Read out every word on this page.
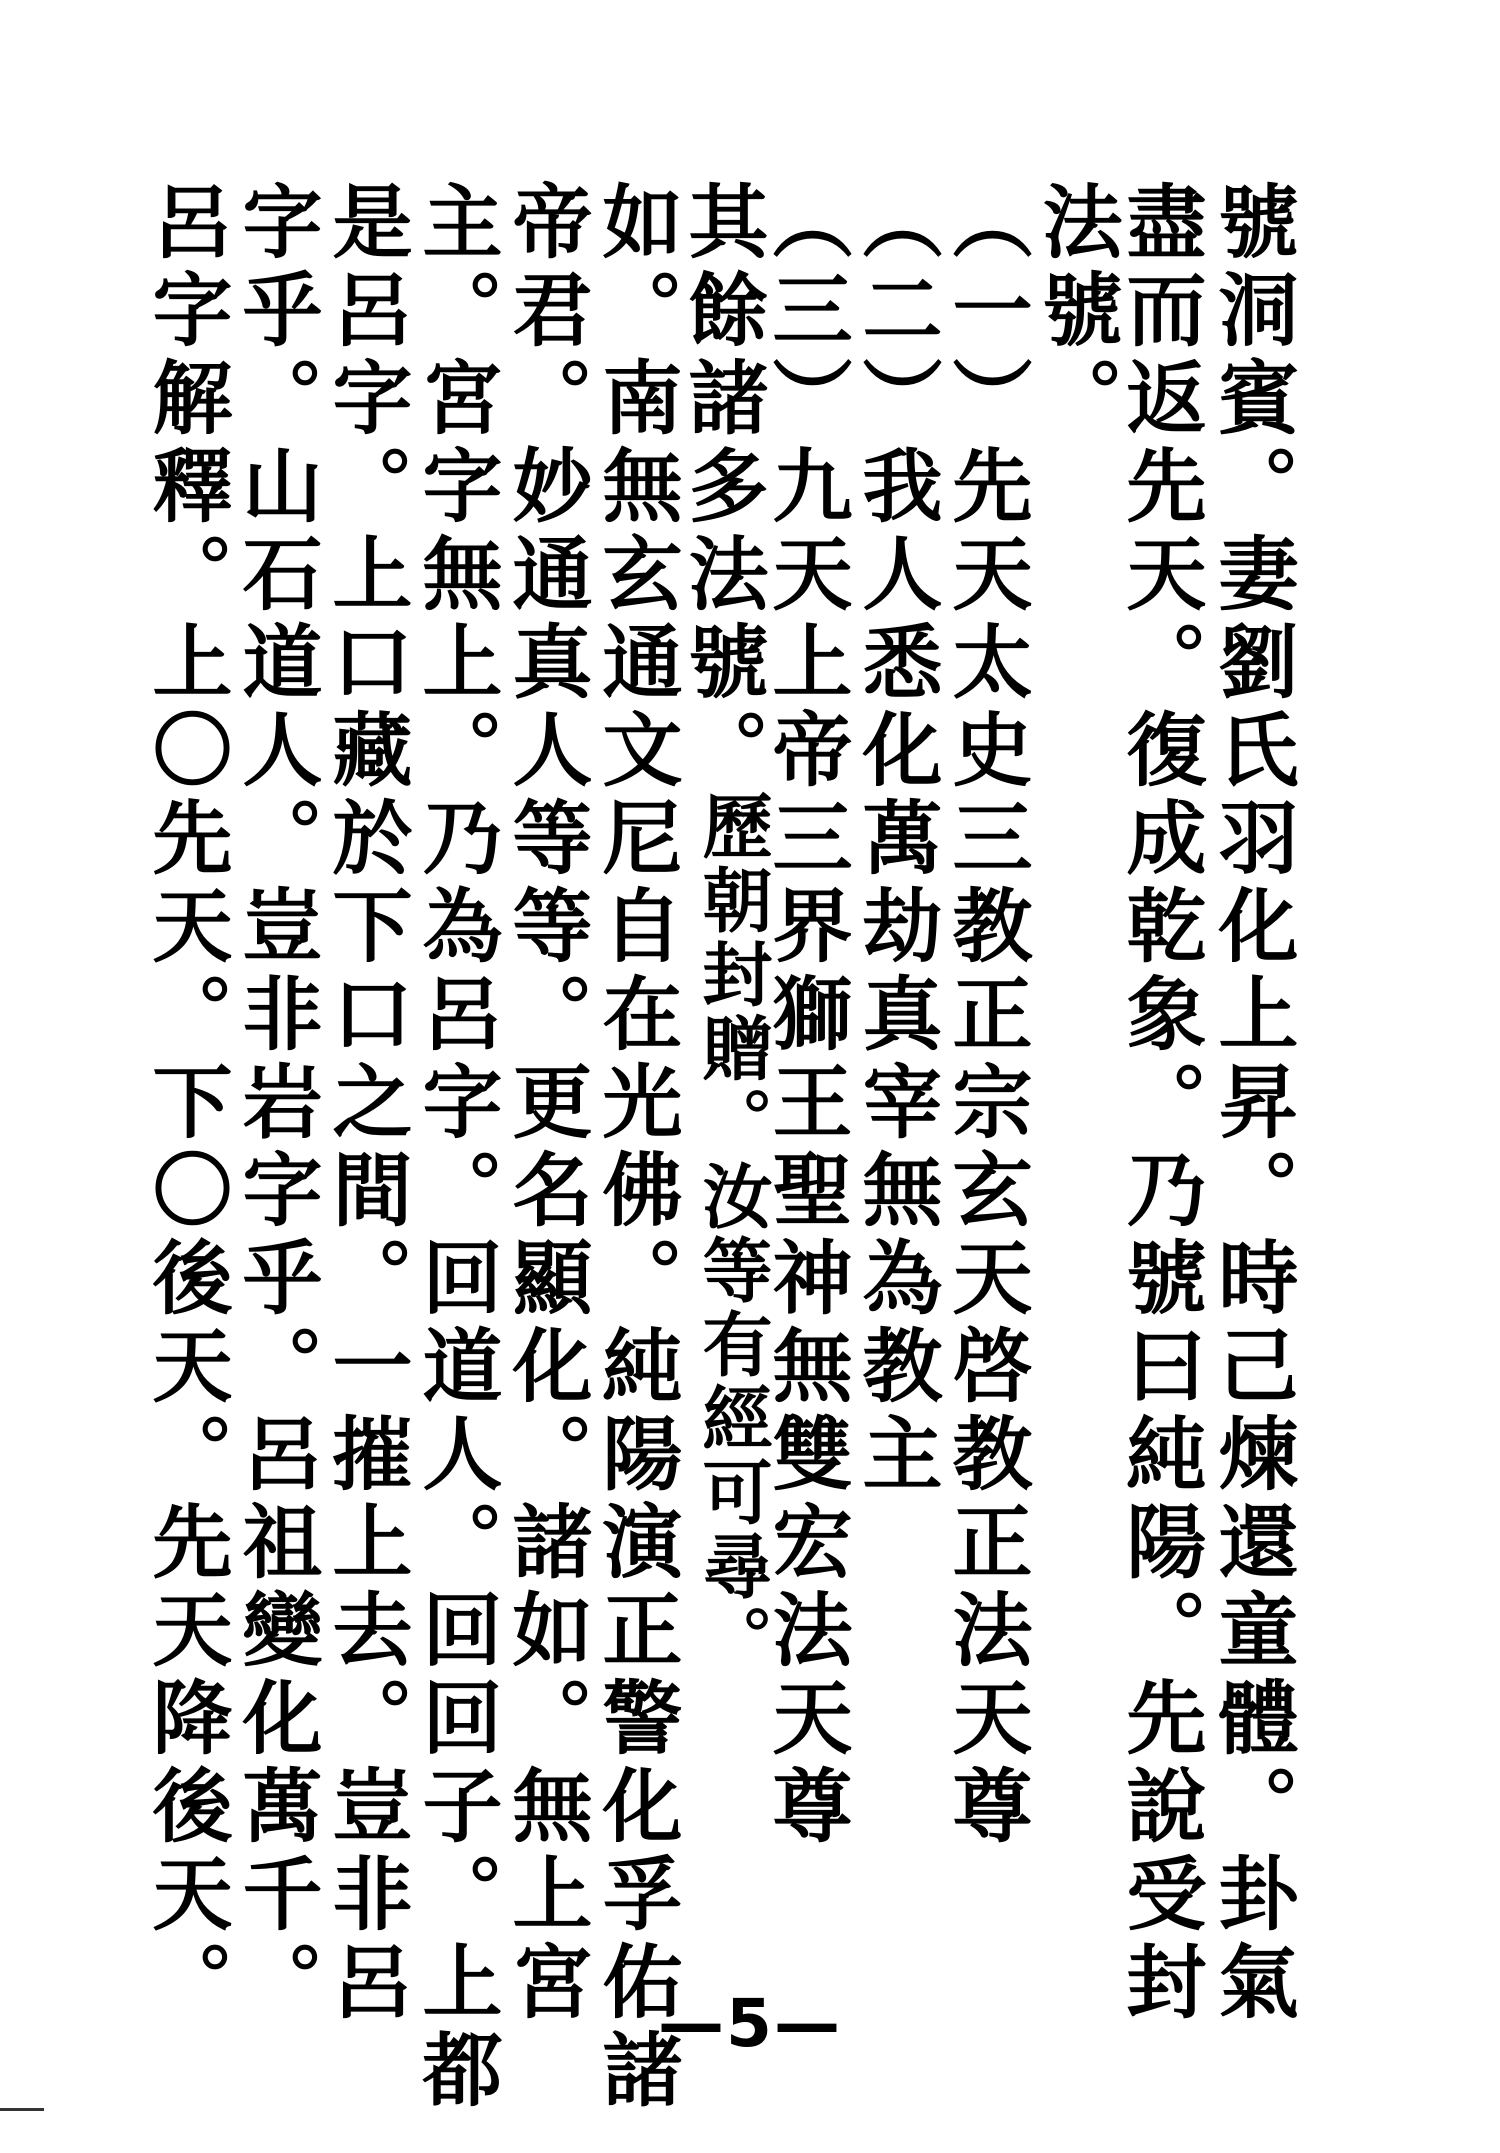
號洞賓。妻劉氏羽化上昇。時己煉還童體。卦氣
盡而返先天。復成乾象。乃號曰純陽。先說受封
法號。
（一）先天太史三教正宗玄天啓教正法天尊
（二）我人悉化萬劫真宰無為教主
（三）九天上帝三界獅王聖神無雙宏法天尊
其餘諸多法號。
歷朝封贈。汝等有經可尋。
如。南無玄通文尼自在光佛。純陽演正警化孚佑諸
帝君。妙通真人等等。更名顯化。諸如。無上宮
主。宮字無上。乃為呂字。回道人。回回子。上都
是呂字。上口藏於下口之間。一摧上去。豈非呂
字乎。山石道人。豈非岩字乎。呂祖變化萬千。
呂字解釋。上〇先天。下〇後天。先天降後天。	—5—
